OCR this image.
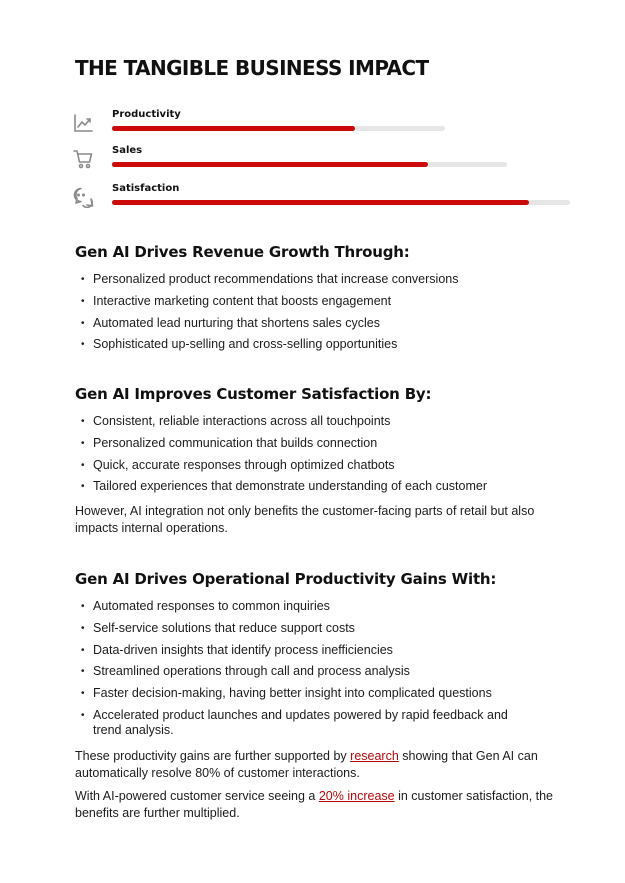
THE TANGIBLE BUSINESS IMPACT
Productivity
Sales
Satisfaction
Gen AI Drives Revenue Growth Through:
• Personalized product recommendations that increase conversions
• Interactive marketing content that boosts engagement
• Automated lead nurturing that shortens sales cycles
• Sophisticated up-selling and cross-selling opportunities
Gen AI Improves Customer Satisfaction By:
• Consistent, reliable interactions across all touchpoints
• Personalized communication that builds connection
• Quick, accurate responses through optimized chatbots
• Tailored experiences that demonstrate understanding of each customer

However, AI integration not only benefits the customer-facing parts of retail but also impacts internal operations.

Gen AI Drives Operational Productivity Gains With:
• Automated responses to common inquiries
• Self-service solutions that reduce support costs
• Data-driven insights that identify process inefficiencies
• Streamlined operations through call and process analysis
• Faster decision-making, having better insight into complicated questions
• Accelerated product launches and updates powered by rapid feedback and trend analysis.

These productivity gains are further supported by research showing that Gen AI can automatically resolve 80% of customer interactions.

With AI-powered customer service seeing a 20% increase in customer satisfaction, the benefits are further multiplied.
